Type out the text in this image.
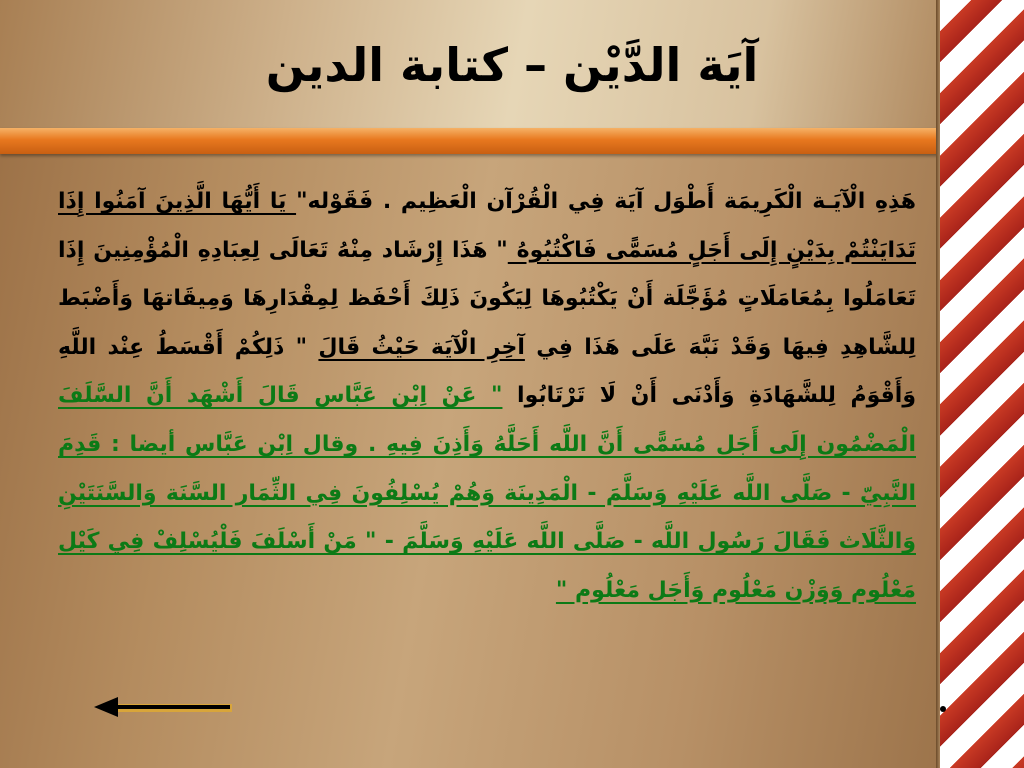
آيَة الدَّيْن – كتابة الدين
هَذِهِ الْآيَـة الْكَرِيمَة أَطْوَل آيَة فِي الْقُرْآن الْعَظِيم . فَقَوْله" يَا أَيُّهَا الَّذِينَ آمَنُوا إِذَا تَدَايَنْتُمْ بِدَيْنٍ إِلَى أَجَلٍ مُسَمًّى فَاكْتُبُوهُ " هَذَا إِرْشَاد مِنْهُ تَعَالَى لِعِبَادِهِ الْمُؤْمِنِينَ إِذَا تَعَامَلُوا بِمُعَامَلَاتٍ مُؤَجَّلَة أَنْ يَكْتُبُوهَا لِيَكُونَ ذَلِكَ أَحْفَظ لِمِقْدَارِهَا وَمِيقَاتهَا وَأَضْبَط لِلشَّاهِدِ فِيهَا وَقَدْ نَبَّهَ عَلَى هَذَا فِي آخِرِ الْآيَة حَيْثُ قَالَ " ذَلِكُمْ أَقْسَطُ عِنْد اللَّهِ وَأَقْوَمُ لِلشَّهَادَةِ وَأَدْنَى أَنْ لَا تَرْتَابُوا " عَنْ اِبْن عَبَّاس قَالَ أَشْهَد أَنَّ السَّلَفَ الْمَضْمُون إِلَى أَجَل مُسَمًّى أَنَّ اللَّه أَحَلَّهُ وَأَذِنَ فِيهِ . وقال اِبْن عَبَّاس أيضا : قَدِمَ النَّبِيّ - صَلَّى اللَّه عَلَيْهِ وَسَلَّمَ - الْمَدِينَة وَهُمْ يُسْلِفُونَ فِي الثِّمَار السَّنَة وَالسَّنَتَيْنِ وَالثَّلَاث فَقَالَ رَسُول اللَّه - صَلَّى اللَّه عَلَيْهِ وَسَلَّمَ - " مَنْ أَسْلَفَ فَلْيُسْلِفْ فِي كَيْل مَعْلُوم وَوَزْن مَعْلُوم وَأَجَل مَعْلُوم "
